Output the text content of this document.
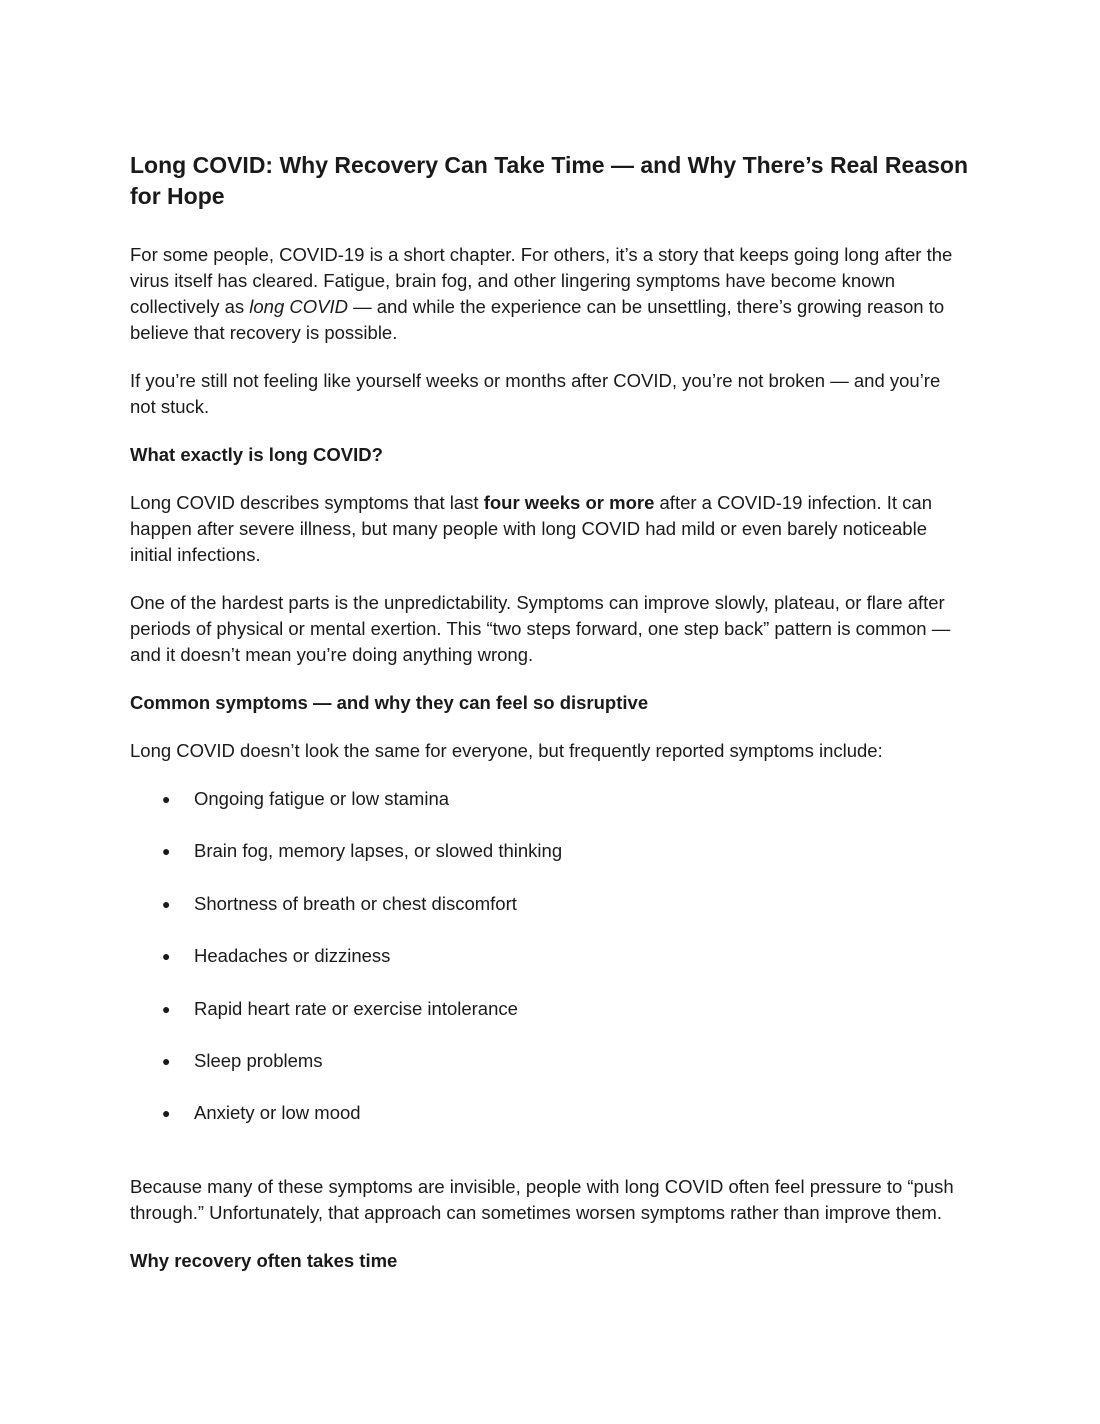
Long COVID: Why Recovery Can Take Time — and Why There’s Real Reason for Hope

For some people, COVID-19 is a short chapter. For others, it’s a story that keeps going long after the virus itself has cleared. Fatigue, brain fog, and other lingering symptoms have become known collectively as long COVID — and while the experience can be unsettling, there’s growing reason to believe that recovery is possible.

If you’re still not feeling like yourself weeks or months after COVID, you’re not broken — and you’re not stuck.

What exactly is long COVID?

Long COVID describes symptoms that last four weeks or more after a COVID-19 infection. It can happen after severe illness, but many people with long COVID had mild or even barely noticeable initial infections.

One of the hardest parts is the unpredictability. Symptoms can improve slowly, plateau, or flare after periods of physical or mental exertion. This “two steps forward, one step back” pattern is common — and it doesn’t mean you’re doing anything wrong.

Common symptoms — and why they can feel so disruptive

Long COVID doesn’t look the same for everyone, but frequently reported symptoms include:

● Ongoing fatigue or low stamina
● Brain fog, memory lapses, or slowed thinking
● Shortness of breath or chest discomfort
● Headaches or dizziness
● Rapid heart rate or exercise intolerance
● Sleep problems
● Anxiety or low mood

Because many of these symptoms are invisible, people with long COVID often feel pressure to “push through.” Unfortunately, that approach can sometimes worsen symptoms rather than improve them.

Why recovery often takes time
